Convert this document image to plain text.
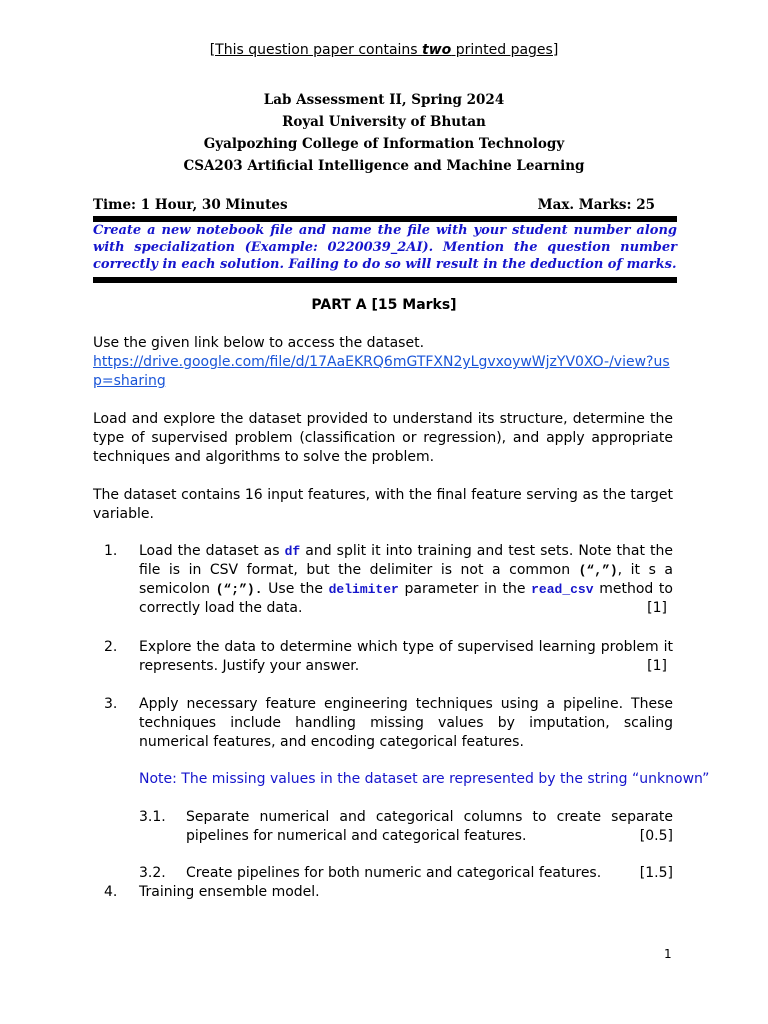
[This question paper contains two printed pages]
Lab Assessment II, Spring 2024
Royal University of Bhutan
Gyalpozhing College of Information Technology
CSA203 Artificial Intelligence and Machine Learning
Time: 1 Hour, 30 Minutes	Max. Marks: 25
Create a new notebook file and name the file with your student number along with specialization (Example: 0220039_2AI). Mention the question number correctly in each solution. Failing to do so will result in the deduction of marks.
PART A [15 Marks]
Use the given link below to access the dataset.
https://drive.google.com/file/d/17AaEKRQ6mGTFXN2yLgvxoywWjzYV0XO-/view?usp=sharing
Load and explore the dataset provided to understand its structure, determine the type of supervised problem (classification or regression), and apply appropriate techniques and algorithms to solve the problem.
The dataset contains 16 input features, with the final feature serving as the target variable.
1. Load the dataset as df and split it into training and test sets. Note that the file is in CSV format, but the delimiter is not a common (“,”), it s a semicolon (“;”). Use the delimiter parameter in the read_csv method to correctly load the data.	[1]
2. Explore the data to determine which type of supervised learning problem it represents. Justify your answer.	[1]
3. Apply necessary feature engineering techniques using a pipeline. These techniques include handling missing values by imputation, scaling numerical features, and encoding categorical features.
Note: The missing values in the dataset are represented by the string “unknown”
3.1. Separate numerical and categorical columns to create separate pipelines for numerical and categorical features.	[0.5]
3.2. Create pipelines for both numeric and categorical features.	[1.5]
4. Training ensemble model.
1
